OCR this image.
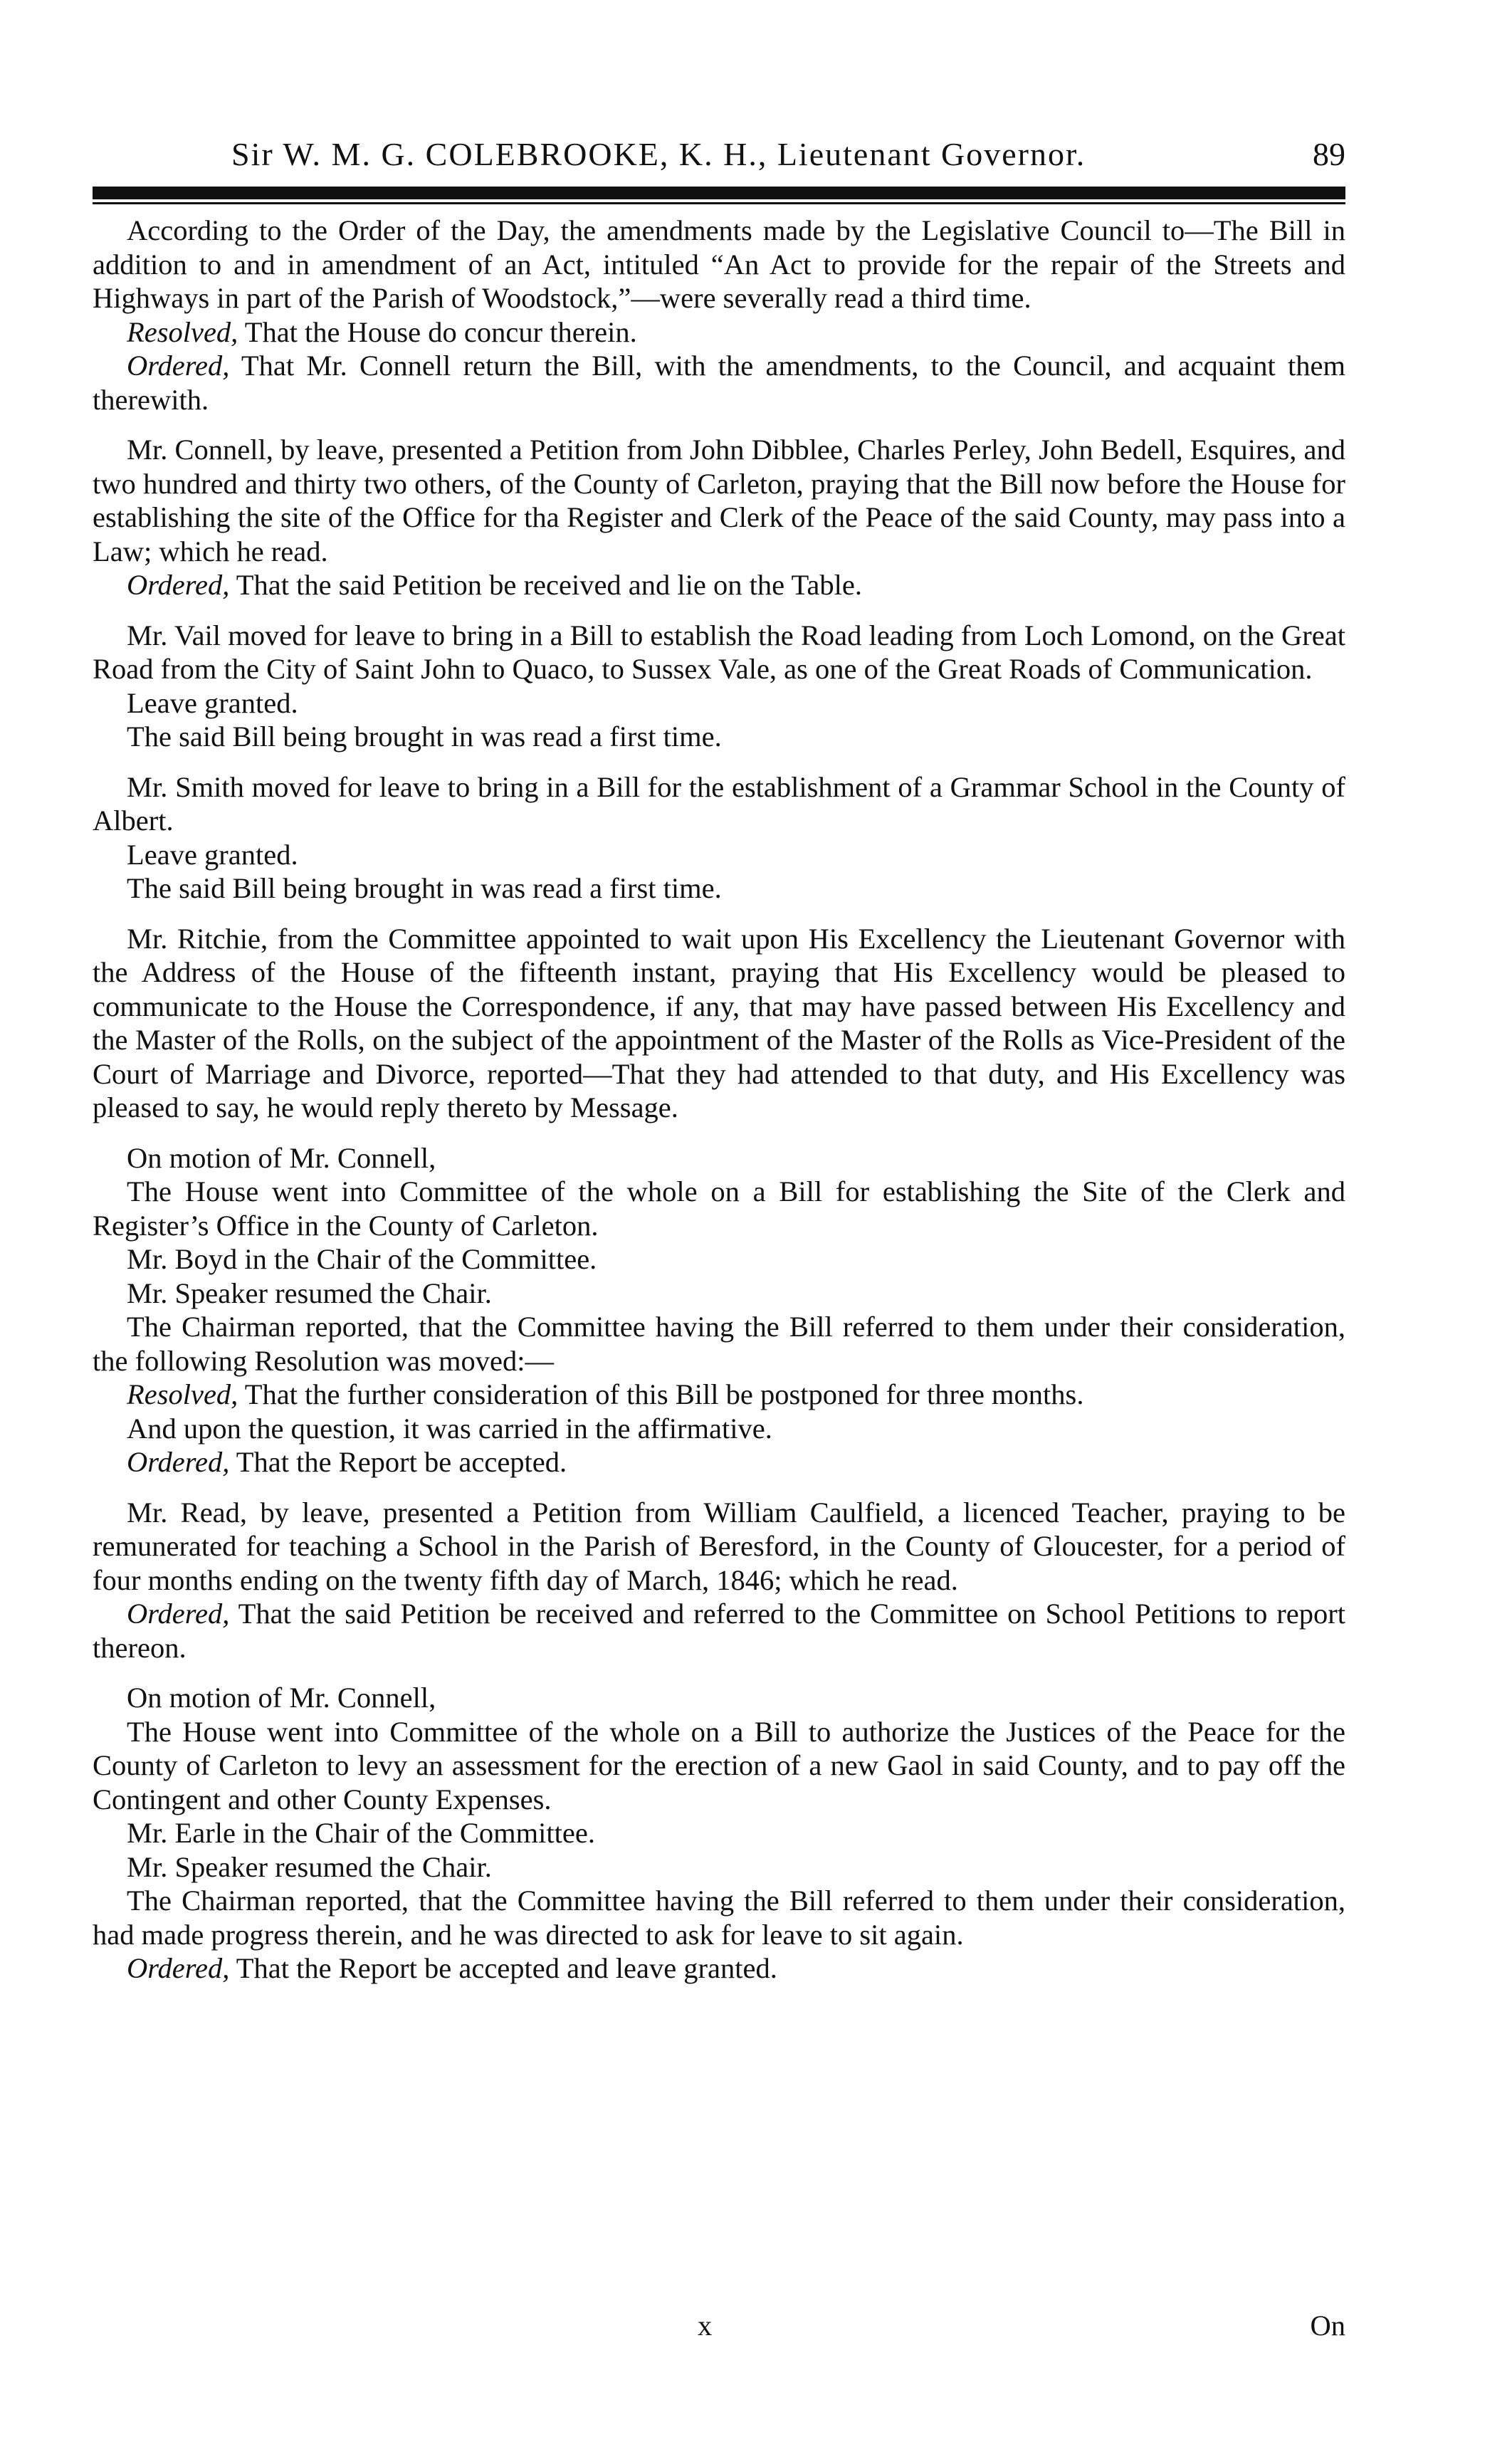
Sir W. M. G. COLEBROOKE, K. H., Lieutenant Governor.	89

According to the Order of the Day, the amendments made by the Legislative Council to—The Bill in addition to and in amendment of an Act, intituled “An Act to provide for the repair of the Streets and Highways in part of the Parish of Woodstock,”—were severally read a third time.

Resolved, That the House do concur therein.

Ordered, That Mr. Connell return the Bill, with the amendments, to the Council, and acquaint them therewith.

Mr. Connell, by leave, presented a Petition from John Dibblee, Charles Perley, John Bedell, Esquires, and two hundred and thirty two others, of the County of Carleton, praying that the Bill now before the House for establishing the site of the Office for tha Register and Clerk of the Peace of the said County, may pass into a Law; which he read.

Ordered, That the said Petition be received and lie on the Table.

Mr. Vail moved for leave to bring in a Bill to establish the Road leading from Loch Lomond, on the Great Road from the City of Saint John to Quaco, to Sussex Vale, as one of the Great Roads of Communication.

Leave granted.

The said Bill being brought in was read a first time.

Mr. Smith moved for leave to bring in a Bill for the establishment of a Grammar School in the County of Albert.

Leave granted.

The said Bill being brought in was read a first time.

Mr. Ritchie, from the Committee appointed to wait upon His Excellency the Lieutenant Governor with the Address of the House of the fifteenth instant, praying that His Excellency would be pleased to communicate to the House the Correspondence, if any, that may have passed between His Excellency and the Master of the Rolls, on the subject of the appointment of the Master of the Rolls as Vice-President of the Court of Marriage and Divorce, reported—That they had attended to that duty, and His Excellency was pleased to say, he would reply thereto by Message.

On motion of Mr. Connell,

The House went into Committee of the whole on a Bill for establishing the Site of the Clerk and Register’s Office in the County of Carleton.

Mr. Boyd in the Chair of the Committee.

Mr. Speaker resumed the Chair.

The Chairman reported, that the Committee having the Bill referred to them under their consideration, the following Resolution was moved:—

Resolved, That the further consideration of this Bill be postponed for three months.

And upon the question, it was carried in the affirmative.

Ordered, That the Report be accepted.

Mr. Read, by leave, presented a Petition from William Caulfield, a licenced Teacher, praying to be remunerated for teaching a School in the Parish of Beresford, in the County of Gloucester, for a period of four months ending on the twenty fifth day of March, 1846; which he read.

Ordered, That the said Petition be received and referred to the Committee on School Petitions to report thereon.

On motion of Mr. Connell,

The House went into Committee of the whole on a Bill to authorize the Justices of the Peace for the County of Carleton to levy an assessment for the erection of a new Gaol in said County, and to pay off the Contingent and other County Expenses.

Mr. Earle in the Chair of the Committee.

Mr. Speaker resumed the Chair.

The Chairman reported, that the Committee having the Bill referred to them under their consideration, had made progress therein, and he was directed to ask for leave to sit again.

Ordered, That the Report be accepted and leave granted.

x	On
